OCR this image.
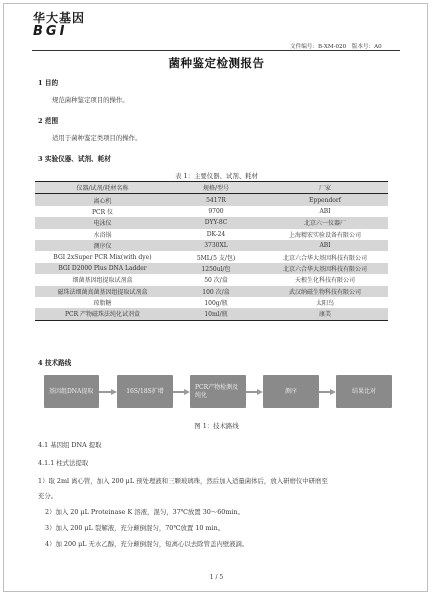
华大基因
BGI
文件编号：B-XM-020　版本号：A0
菌种鉴定检测报告
1 目的
规范菌种鉴定项目的操作。
2 范围
适用于菌种鉴定类项目的操作。
3 实验仪器、试剂、耗材
表 1：主要仪器、试剂、耗材
仪器/试剂/耗材名称	规格/型号	厂家
离心机	5417R	Eppendorf
PCR 仪	9700	ABI
电泳仪	DYY-8C	北京六一仪器厂
水浴锅	DK-24	上海精宏实验设备有限公司
测序仪	3730XL	ABI
BGI 2xSuper PCR Mix(with dye)	5ML(5 支/包)	北京六合华大基因科技有限公司
BGI D2000 Plus DNA Ladder	1250ul/包	北京六合华大基因科技有限公司
细菌基因组提取试剂盒	50 次/盒	天根生化科技有限公司
磁珠法细菌真菌基因组提取试剂盒	100 次/盒	武汉纳磁生物科技有限公司
琼脂糖	100g/瓶	太阳鸟
PCR 产物磁珠法纯化试剂盒	10ml/瓶	康美
4 技术路线
基因组DNA提取	16S/18S扩增
PCR产物检测及纯化
测序	结果比对
图 1：技术路线
4.1 基因组 DNA 提取
4.1.1 柱式法提取
1）取 2ml 离心管，加入 200 μL 预处理液和三颗玻璃珠，然后加入适量菌体后，放入研磨仪中研磨至
充分。
2）加入 20 μL Proteinase K 溶液，混匀，37℃放置 30～60min。
3）加入 200 μL 裂解液，充分颠倒混匀，70℃放置 10 min。
4）加 200 μL 无水乙醇，充分颠倒混匀，短离心以去除管盖内壁液滴。
1 / 5
